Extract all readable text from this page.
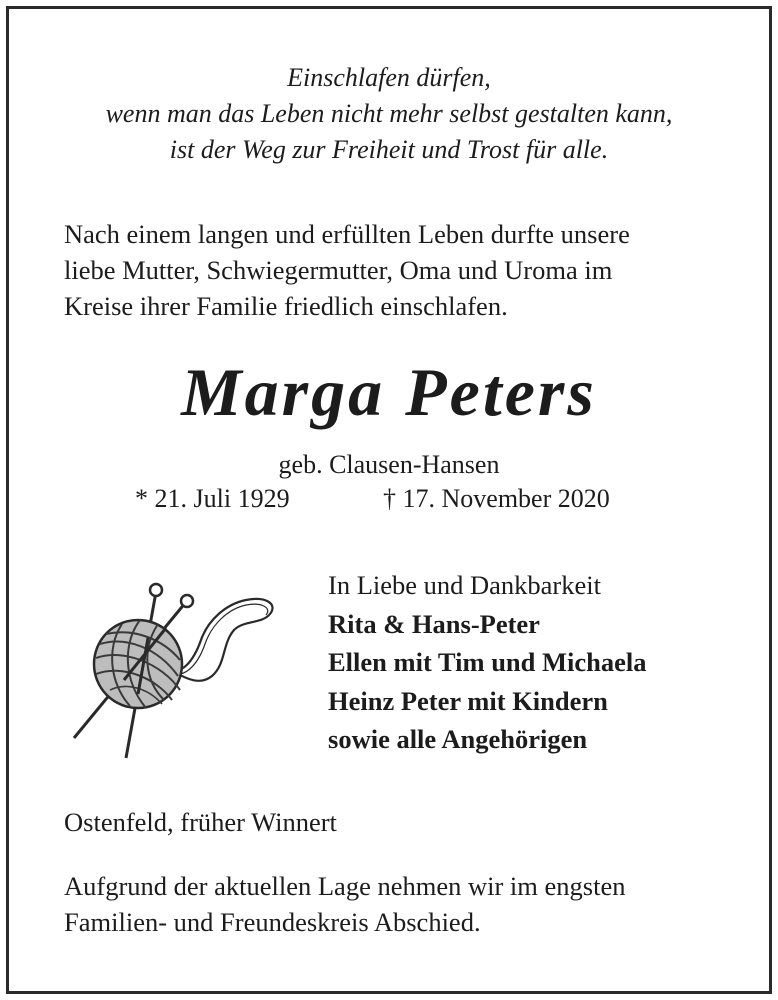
Einschlafen dürfen,
wenn man das Leben nicht mehr selbst gestalten kann,
ist der Weg zur Freiheit und Trost für alle.
Nach einem langen und erfüllten Leben durfte unsere
liebe Mutter, Schwiegermutter, Oma und Uroma im
Kreise ihrer Familie friedlich einschlafen.
Marga Peters
geb. Clausen-Hansen
* 21. Juli 1929	† 17. November 2020
In Liebe und Dankbarkeit
Rita & Hans-Peter
Ellen mit Tim und Michaela
Heinz Peter mit Kindern
sowie alle Angehörigen
Ostenfeld, früher Winnert
Aufgrund der aktuellen Lage nehmen wir im engsten
Familien- und Freundeskreis Abschied.
